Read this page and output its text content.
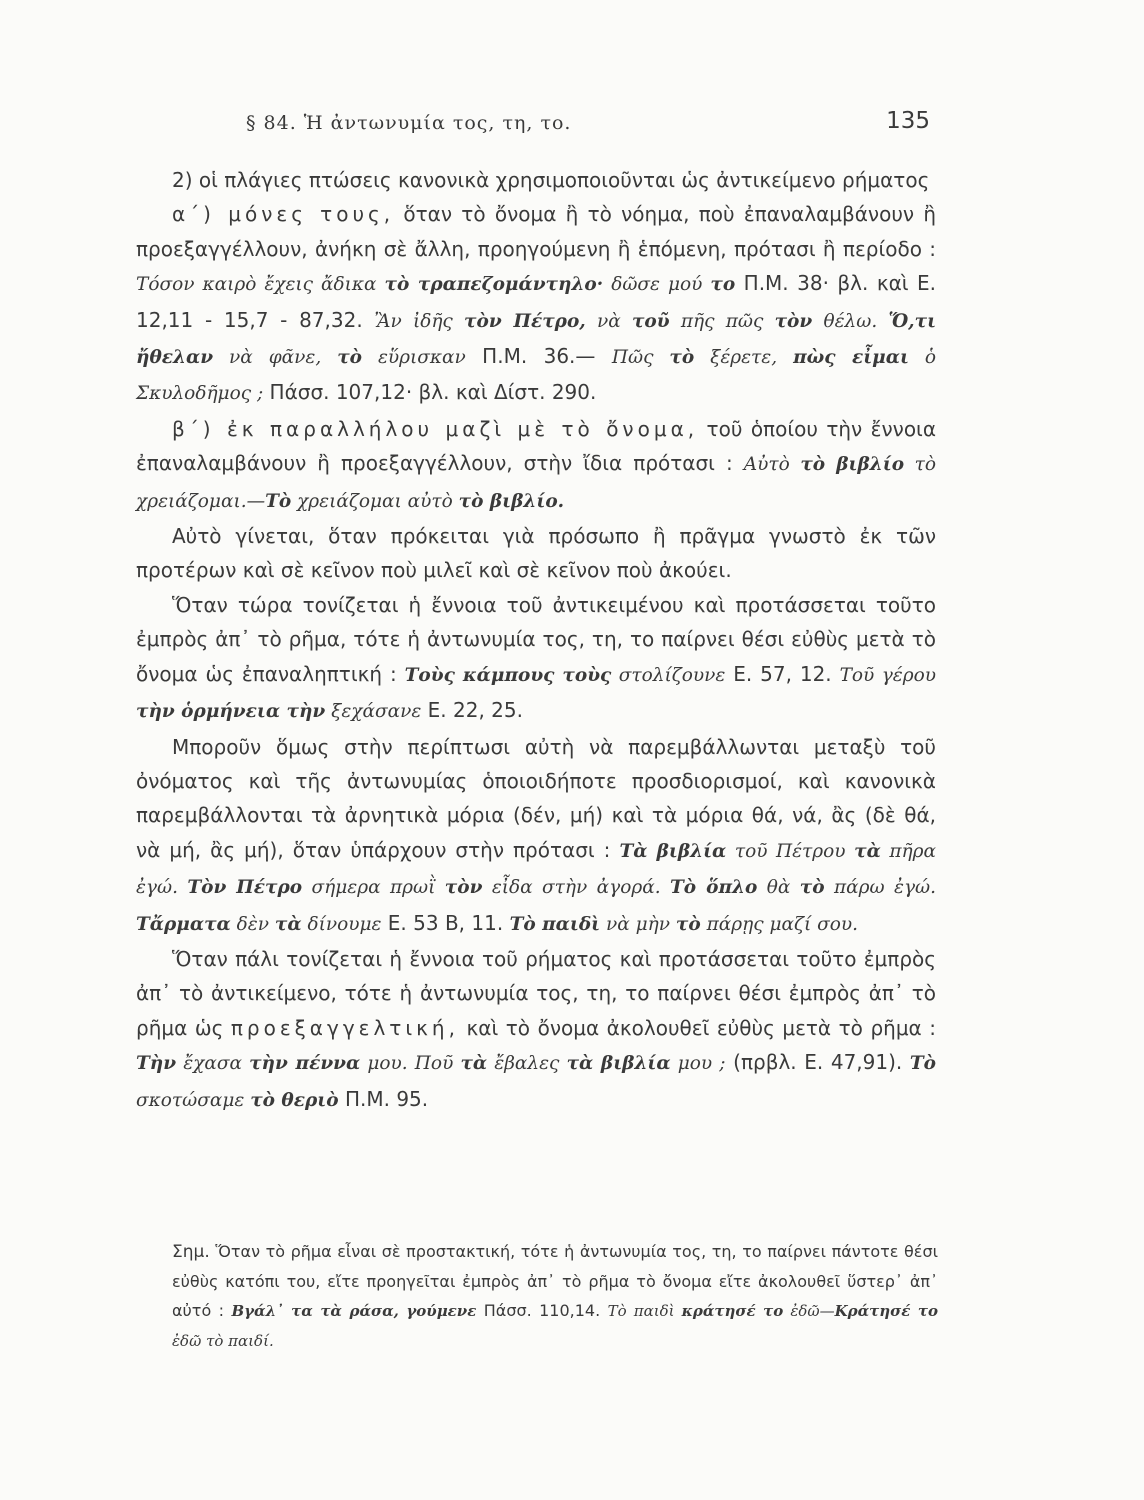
§ 84. Ἡ ἀντωνυμία τος, τη, το.	135

2) οἱ πλάγιες πτώσεις κανονικὰ χρησιμοποιοῦνται ὡς ἀντικείμενο ρήματος

α΄) μόνες τους, ὅταν τὸ ὄνομα ἢ τὸ νόημα, ποὺ ἐπαναλαμβάνουν ἢ προεξαγγέλλουν, ἀνήκη σὲ ἄλλη, προηγούμενη ἢ ἑπόμενη, πρότασι ἢ περίοδο : Τόσον καιρὸ ἔχεις ἄδικα τὸ τραπεζομάντηλο· δῶσε μού το Π.Μ. 38· βλ. καὶ Ε. 12,11 - 15,7 - 87,32. Ἂν ἰδῆς τὸν Πέτρο, νὰ τοῦ πῆς πῶς τὸν θέλω. Ὅ,τι ἤθελαν νὰ φᾶνε, τὸ εὕρισκαν Π.Μ. 36.— Πῶς τὸ ξέρετε, πὼς εἶμαι ὁ Σκυλοδῆμος ; Πάσσ. 107,12· βλ. καὶ Δίστ. 290.

β΄) ἐκ παραλλήλου μαζὶ μὲ τὸ ὄνομα, τοῦ ὁποίου τὴν ἔννοια ἐπαναλαμβάνουν ἢ προεξαγγέλλουν, στὴν ἴδια πρότασι : Αὐτὸ τὸ βιβλίο τὸ χρειάζομαι.—Τὸ χρειάζομαι αὐτὸ τὸ βιβλίο.

Αὐτὸ γίνεται, ὅταν πρόκειται γιὰ πρόσωπο ἢ πρᾶγμα γνωστὸ ἐκ τῶν προτέρων καὶ σὲ κεῖνον ποὺ μιλεῖ καὶ σὲ κεῖνον ποὺ ἀκούει.

Ὅταν τώρα τονίζεται ἡ ἔννοια τοῦ ἀντικειμένου καὶ προτάσσεται τοῦτο ἐμπρὸς ἀπ᾿ τὸ ρῆμα, τότε ἡ ἀντωνυμία τος, τη, το παίρνει θέσι εὐθὺς μετὰ τὸ ὄνομα ὡς ἐπαναληπτική : Τοὺς κάμπους τοὺς στολίζουνε Ε. 57, 12. Τοῦ γέρου τὴν ὁρμήνεια τὴν ξεχάσανε Ε. 22, 25.

Μποροῦν ὅμως στὴν περίπτωσι αὐτὴ νὰ παρεμβάλλωνται μεταξὺ τοῦ ὀνόματος καὶ τῆς ἀντωνυμίας ὁποιοιδήποτε προσδιορισμοί, καὶ κανονικὰ παρεμβάλλονται τὰ ἀρνητικὰ μόρια (δέν, μή) καὶ τὰ μόρια θά, νά, ἂς (δὲ θά, νὰ μή, ἂς μή), ὅταν ὑπάρχουν στὴν πρότασι : Τὰ βιβλία τοῦ Πέτρου τὰ πῆρα ἐγώ. Τὸν Πέτρο σήμερα πρωῒ τὸν εἶδα στὴν ἀγορά. Τὸ ὅπλο θὰ τὸ πάρω ἐγώ. Τἄρματα δὲν τὰ δίνουμε Ε. 53 Β, 11. Τὸ παιδὶ νὰ μὴν τὸ πάρῃς μαζί σου.

Ὅταν πάλι τονίζεται ἡ ἔννοια τοῦ ρήματος καὶ προτάσσεται τοῦτο ἐμπρὸς ἀπ᾿ τὸ ἀντικείμενο, τότε ἡ ἀντωνυμία τος, τη, το παίρνει θέσι ἐμπρὸς ἀπ᾿ τὸ ρῆμα ὡς προεξαγγελτική, καὶ τὸ ὄνομα ἀκολουθεῖ εὐθὺς μετὰ τὸ ρῆμα : Τὴν ἔχασα τὴν πέννα μου. Ποῦ τὰ ἔβαλες τὰ βιβλία μου ; (πρβλ. Ε. 47,91). Τὸ σκοτώσαμε τὸ θεριὸ Π.Μ. 95.

Σημ. Ὅταν τὸ ρῆμα εἶναι σὲ προστακτική, τότε ἡ ἀντωνυμία τος, τη, το παίρνει πάντοτε θέσι εὐθὺς κατόπι του, εἴτε προηγεῖται ἐμπρὸς ἀπ᾿ τὸ ρῆμα τὸ ὄνομα εἴτε ἀκολουθεῖ ὕστερ᾿ ἀπ᾿ αὐτό : Βγάλ᾿ τα τὰ ράσα, γούμενε Πάσσ. 110,14. Τὸ παιδὶ κράτησέ το ἐδῶ—Κράτησέ το ἐδῶ τὸ παιδί.
